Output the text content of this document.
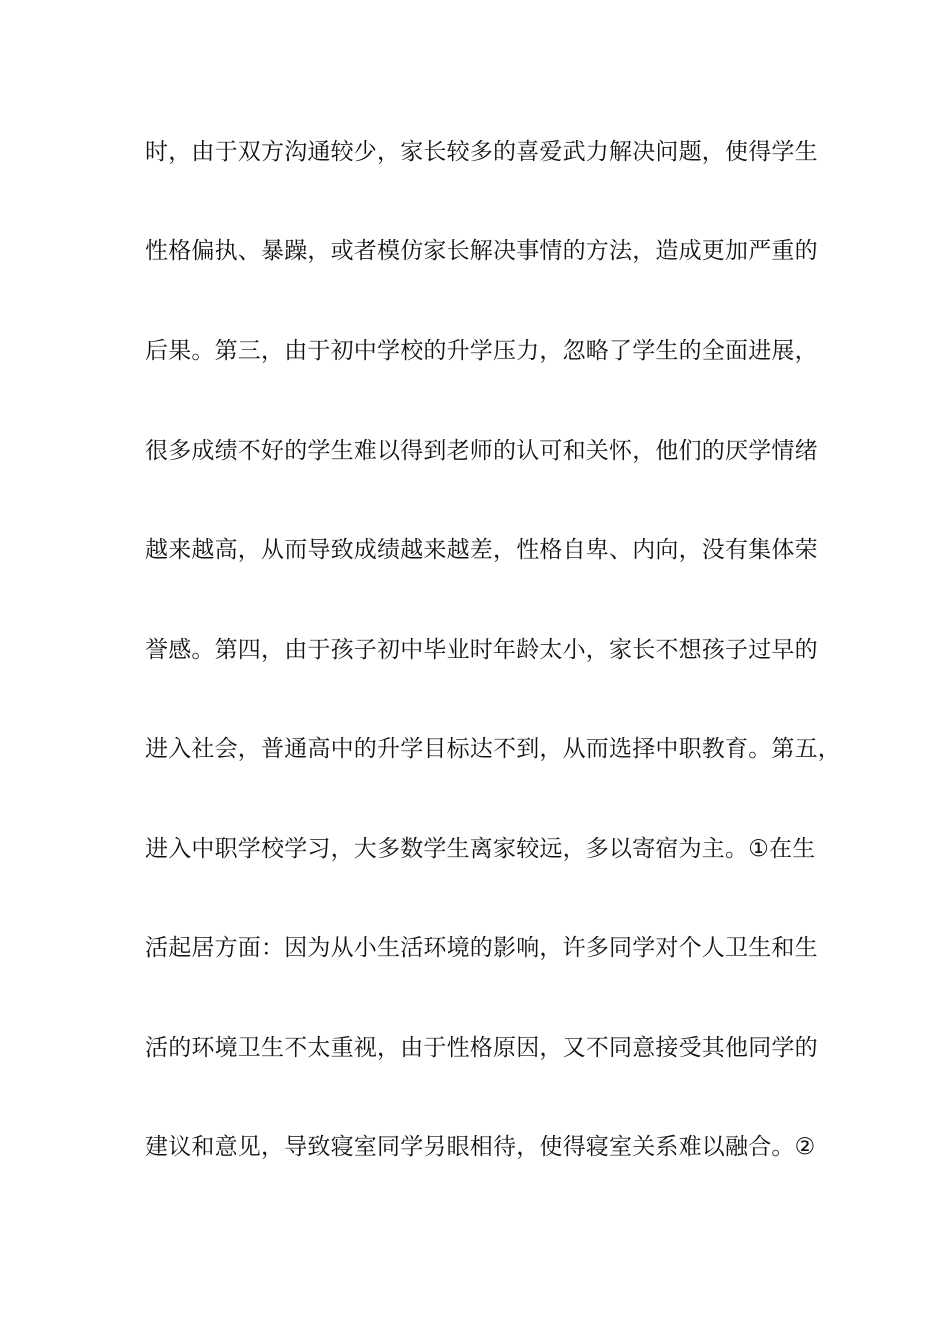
时，由于双方沟通较少，家长较多的喜爱武力解决问题，使得学生
性格偏执、暴躁，或者模仿家长解决事情的方法，造成更加严重的
后果。第三，由于初中学校的升学压力，忽略了学生的全面进展，
很多成绩不好的学生难以得到老师的认可和关怀，他们的厌学情绪
越来越高，从而导致成绩越来越差，性格自卑、内向，没有集体荣
誉感。第四，由于孩子初中毕业时年龄太小，家长不想孩子过早的
进入社会，普通高中的升学目标达不到，从而选择中职教育。第五，
进入中职学校学习，大多数学生离家较远，多以寄宿为主。①在生
活起居方面：因为从小生活环境的影响，许多同学对个人卫生和生
活的环境卫生不太重视，由于性格原因，又不同意接受其他同学的
建议和意见，导致寝室同学另眼相待，使得寝室关系难以融合。②
